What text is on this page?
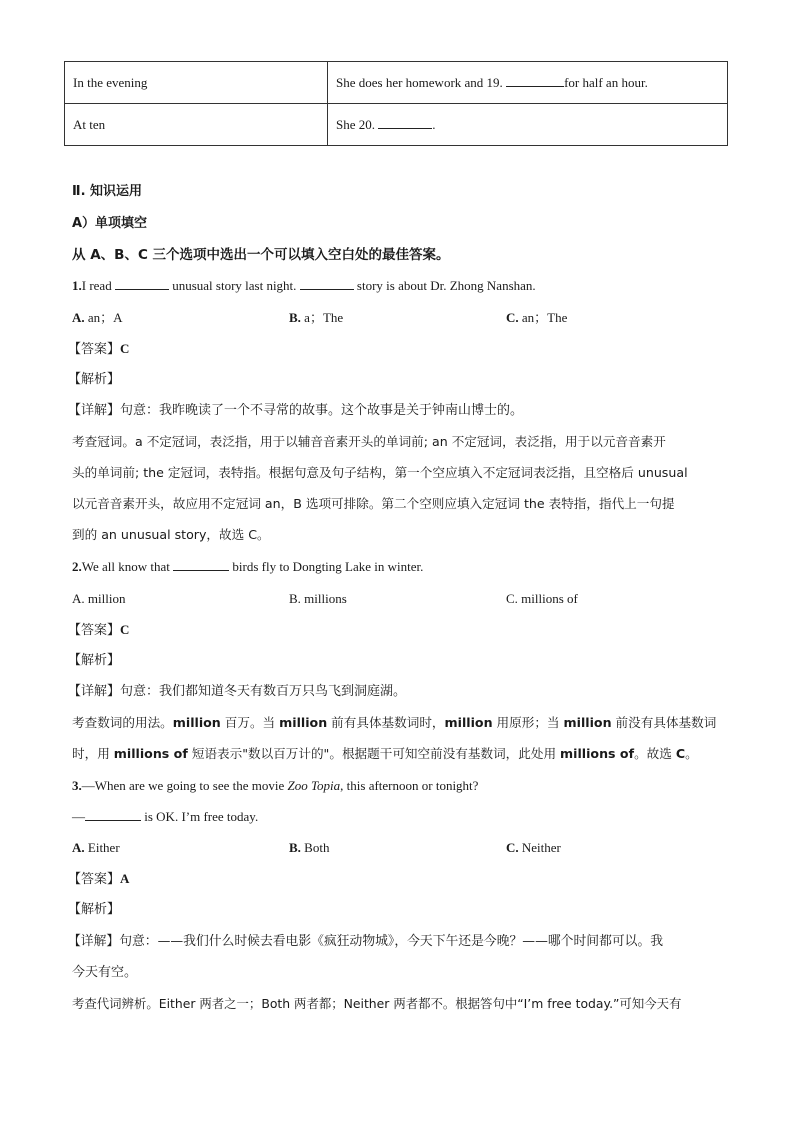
In the evening	She does her homework and 19. for half an hour.
At ten	She 20. .
Ⅱ. 知识运用
A）单项填空
从 A、B、C 三个选项中选出一个可以填入空白处的最佳答案。
1.I read	unusual story last night.	story is about Dr. Zhong Nanshan.
A. an；A	B. a；The	C. an；The
【答案】C
【解析】
【详解】句意：我昨晚读了一个不寻常的故事。这个故事是关于钟南山博士的。
考查冠词。a 不定冠词，表泛指，用于以辅音音素开头的单词前; an 不定冠词，表泛指，用于以元音音素开
头的单词前; the 定冠词，表特指。根据句意及句子结构，第一个空应填入不定冠词表泛指，且空格后 unusual
以元音音素开头，故应用不定冠词 an，B 选项可排除。第二个空则应填入定冠词 the 表特指，指代上一句提
到的 an unusual story，故选 C。
2.We all know that	birds fly to Dongting Lake in winter.
A. million	B. millions	C. millions of
【答案】C
【解析】
【详解】句意：我们都知道冬天有数百万只鸟飞到洞庭湖。
考查数词的用法。million 百万。当 million 前有具体基数词时，million 用原形；当 million 前没有具体基数词
时，用 millions of 短语表示"数以百万计的"。根据题干可知空前没有基数词，此处用 millions of。故选 C。
3.—When are we going to see the movie Zoo Topia, this afternoon or tonight?
—	is OK. I’m free today.
A. Either	B. Both	C. Neither
【答案】A
【解析】
【详解】句意：——我们什么时候去看电影《疯狂动物城》，今天下午还是今晚？——哪个时间都可以。我
今天有空。
考查代词辨析。Either 两者之一；Both 两者都；Neither 两者都不。根据答句中“I’m free today.”可知今天有
